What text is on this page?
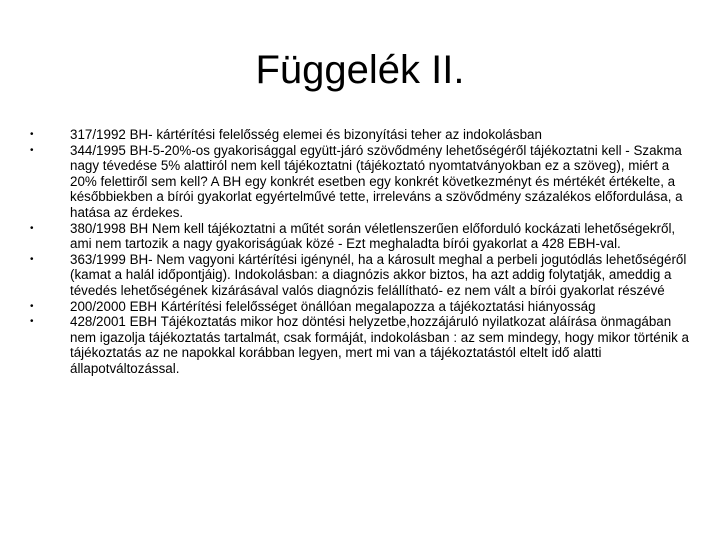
Függelék II.
•	317/1992 BH- kártérítési felelősség elemei és bizonyítási teher az indokolásban
•	344/1995 BH-5-20%-os gyakorisággal együtt-járó szövődmény lehetőségéről tájékoztatni kell - Szakma nagy tévedése 5% alattiról nem kell tájékoztatni (tájékoztató nyomtatványokban ez a szöveg), miért a 20% felettiről sem kell? A BH egy konkrét esetben egy konkrét következményt és mértékét értékelte, a későbbiekben a bírói gyakorlat egyértelművé tette, irreleváns a szövődmény százalékos előfordulása, a hatása az érdekes.
•	380/1998 BH Nem kell tájékoztatni a műtét során véletlenszerűen előforduló kockázati lehetőségekről, ami nem tartozik a nagy gyakoriságúak közé - Ezt meghaladta bírói gyakorlat a 428 EBH-val.
•	363/1999 BH- Nem vagyoni kártérítési igénynél, ha a károsult meghal a perbeli jogutódlás lehetőségéről (kamat a halál időpontjáig). Indokolásban: a diagnózis akkor biztos, ha azt addig folytatják, ameddig a tévedés lehetőségének kizárásával valós diagnózis felállítható- ez nem vált a bírói gyakorlat részévé
•	200/2000 EBH Kártérítési felelősséget önállóan megalapozza a tájékoztatási hiányosság
•	428/2001 EBH Tájékoztatás mikor hoz döntési helyzetbe,hozzájáruló nyilatkozat aláírása önmagában nem igazolja tájékoztatás tartalmát, csak formáját, indokolásban : az sem mindegy, hogy mikor történik a tájékoztatás az ne napokkal korábban legyen, mert mi van a tájékoztatástól eltelt idő alatti állapotváltozással.
